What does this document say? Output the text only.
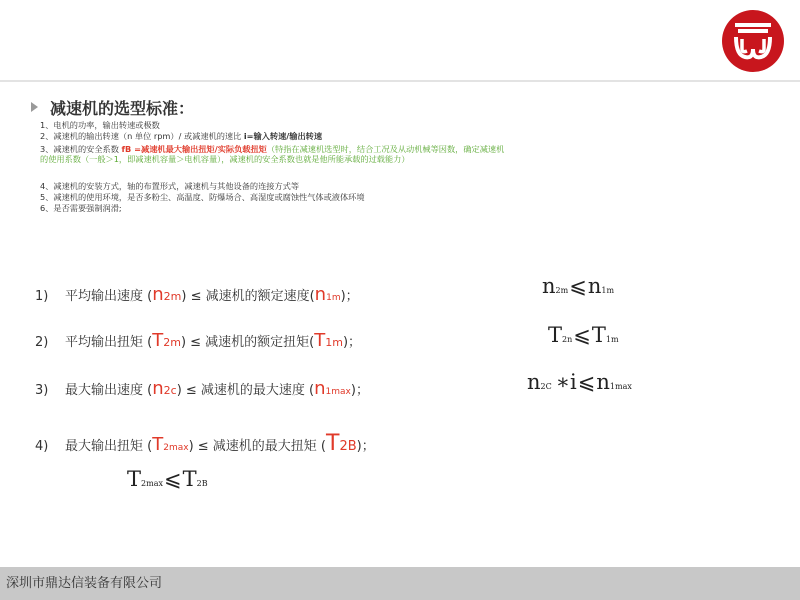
减速机的选型标准：
1、电机的功率，输出转速或极数
2、减速机的输出转速（n 单位 rpm）/ 或减速机的速比 i=输入转速/输出转速
3、减速机的安全系数 fB =减速机最大输出扭矩/实际负载扭矩（特指在减速机选型时，结合工况及从动机械等因数，确定减速机的使用系数（一般＞1，即减速机容量＞电机容量），减速机的安全系数也就是他所能承载的过载能力）
4、减速机的安装方式，轴的布置形式，减速机与其他设备的连接方式等
5、减速机的使用环境，是否多粉尘、高温度、防爆场合、高湿度或腐蚀性气体或液体环境
6、是否需要强制润滑;
1)	平均输出速度 ( n 2m ) ≤ 减速机的额定速度( n 1m )；
2)	平均输出扭矩 ( T 2m ) ≤ 减速机的额定扭矩( T 1m )；
3)	最大输出速度 ( n 2c ) ≤ 减速机的最大速度 ( n 1max )；
4)	最大输出扭矩 ( T 2max ) ≤ 减速机的最大扭矩 ( T 2B )；
n 2m ⩽ n 1m
T 2n ⩽ T 1m
n 2C ∗i ⩽ n 1max
T 2max ⩽ T 2B
深圳市鼎达信装备有限公司
